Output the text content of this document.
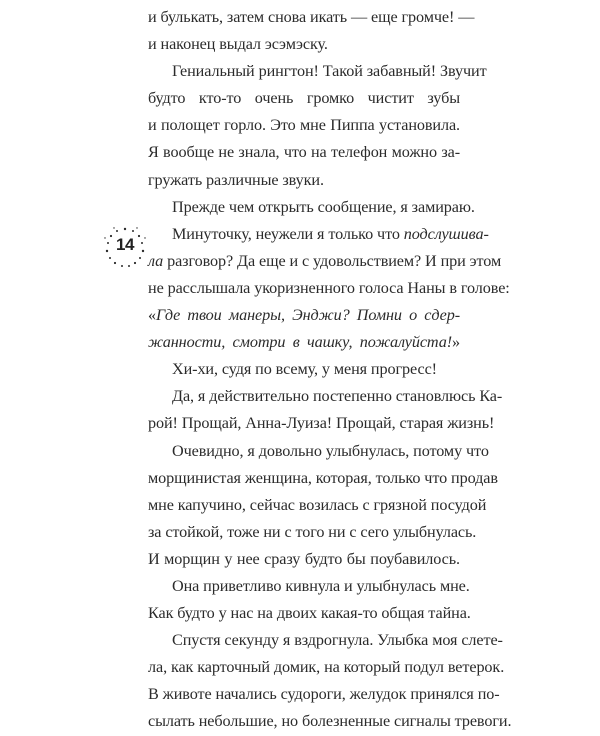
и булькать, затем снова икать — еще громче! —
и наконец выдал эсэмэску.
Гениальный рингтон! Такой забавный! Звучит
будто кто-то очень громко чистит зубы
и полощет горло. Это мне Пиппа установила.
Я вообще не знала, что на телефон можно за-
гружать различные звуки.
Прежде чем открыть сообщение, я замираю.
Минуточку, неужели я только что подслушива-
ла разговор? Да еще и с удовольствием? И при этом
не расслышала укоризненного голоса Наны в голове:
«Где твои манеры, Энджи? Помни о сдер-
жанности, смотри в чашку, пожалуйста!»
Хи-хи, судя по всему, у меня прогресс!
Да, я действительно постепенно становлюсь Ка-
рой! Прощай, Анна-Луиза! Прощай, старая жизнь!
Очевидно, я довольно улыбнулась, потому что
морщинистая женщина, которая, только что продав
мне капучино, сейчас возилась с грязной посудой
за стойкой, тоже ни с того ни с сего улыбнулась.
И морщин у нее сразу будто бы поубавилось.
Она приветливо кивнула и улыбнулась мне.
Как будто у нас на двоих какая-то общая тайна.
Спустя секунду я вздрогнула. Улыбка моя слете-
ла, как карточный домик, на который подул ветерок.
В животе начались судороги, желудок принялся по-
сылать небольшие, но болезненные сигналы тревоги.
14
